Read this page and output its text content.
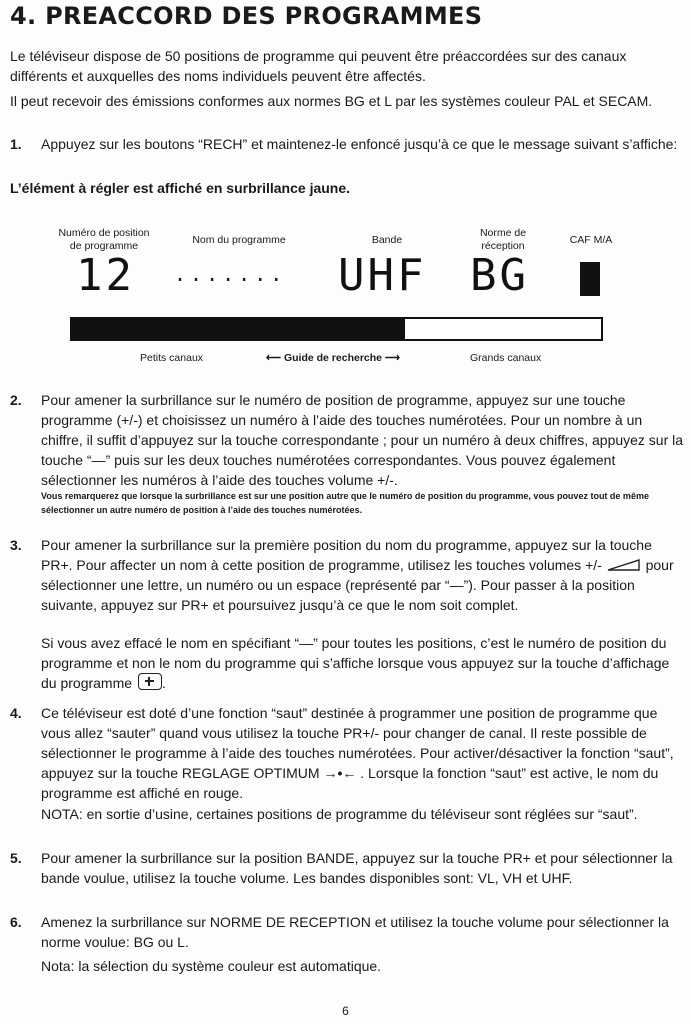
4. PREACCORD DES PROGRAMMES

Le téléviseur dispose de 50 positions de programme qui peuvent être préaccordées sur des canaux différents et auxquelles des noms individuels peuvent être affectés.

Il peut recevoir des émissions conformes aux normes BG et L par les systèmes couleur PAL et SECAM.

1. Appuyez sur les boutons “RECH” et maintenez-le enfoncé jusqu’à ce que le message suivant s’affiche:

L’élément à régler est affiché en surbrillance jaune.

Numéro de position
de programme	Nom du programme	Bande
Norme de
réception	CAF M/A
12 ....... UHF BG
Petits canaux	⟵ Guide de recherche ⟶	Grands canaux
2. Pour amener la surbrillance sur le numéro de position de programme, appuyez sur une touche programme (+/-) et choisissez un numéro à l’aide des touches numérotées. Pour un nombre à un chiffre, il suffit d’appuyez sur la touche correspondante ; pour un numéro à deux chiffres, appuyez sur la touche “—” puis sur les deux touches numérotées correspondantes. Vous pouvez également sélectionner les numéros à l’aide des touches volume +/-.

Vous remarquerez que lorsque la surbrillance est sur une position autre que le numéro de position du programme, vous pouvez tout de même sélectionner un autre numéro de position à l’aide des touches numérotées.

3. Pour amener la surbrillance sur la première position du nom du programme, appuyez sur la touche PR+. Pour affecter un nom à cette position de programme, utilisez les touches volumes +/-	pour sélectionner une lettre, un numéro ou un espace (représenté par “—”). Pour passer à la position suivante, appuyez sur PR+ et poursuivez jusqu’à ce que le nom soit complet.

Si vous avez effacé le nom en spécifiant “—” pour toutes les positions, c’est le numéro de position du programme et non le nom du programme qui s’affiche lorsque vous appuyez sur la touche d’affichage du programme .

4. Ce téléviseur est doté d’une fonction “saut” destinée à programmer une position de programme que vous allez “sauter” quand vous utilisez la touche PR+/- pour changer de canal. Il reste possible de sélectionner le programme à l’aide des touches numérotées. Pour activer/désactiver la fonction “saut”, appuyez sur la touche REGLAGE OPTIMUM →•← . Lorsque la fonction “saut” est active, le nom du programme est affiché en rouge.

NOTA: en sortie d’usine, certaines positions de programme du téléviseur sont réglées sur “saut”.

5. Pour amener la surbrillance sur la position BANDE, appuyez sur la touche PR+ et pour sélectionner la bande voulue, utilisez la touche volume. Les bandes disponibles sont: VL, VH et UHF.

6. Amenez la surbrillance sur NORME DE RECEPTION et utilisez la touche volume pour sélectionner la norme voulue: BG ou L.

Nota: la sélection du système couleur est automatique.

6
